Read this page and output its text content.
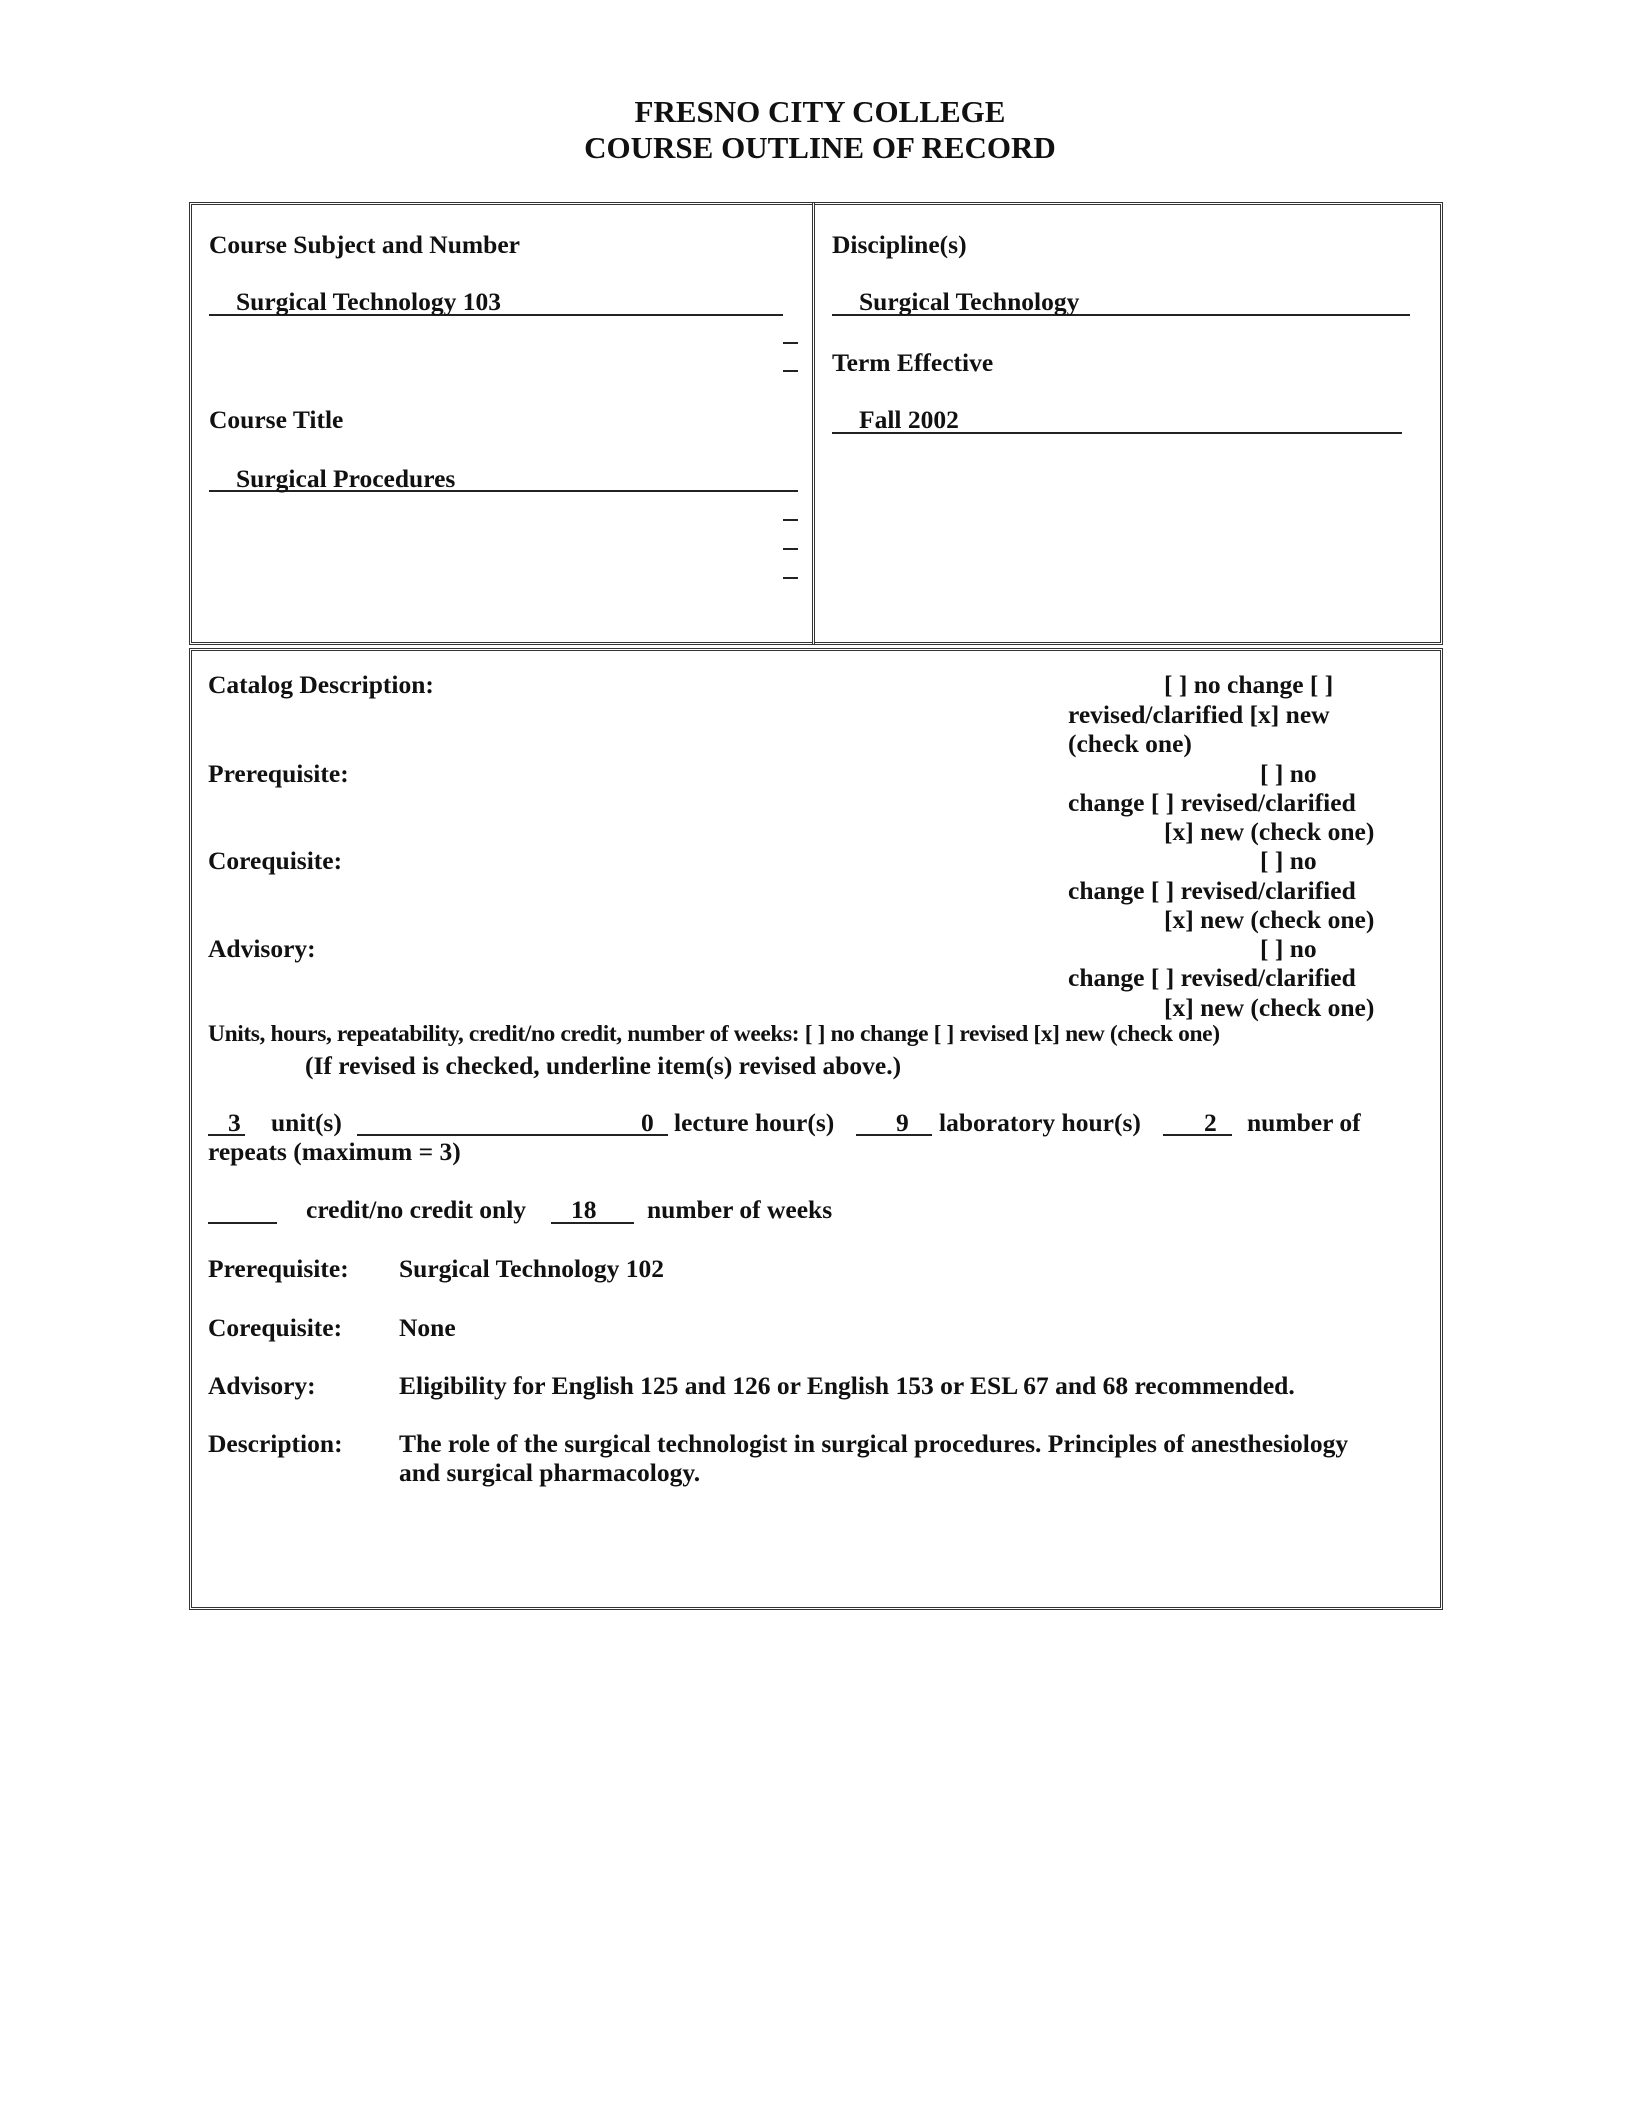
FRESNO CITY COLLEGE
COURSE OUTLINE OF RECORD
Course Subject and Number
Surgical Technology 103
Course Title
Surgical Procedures
Discipline(s)
Surgical Technology
Term Effective
Fall 2002
Catalog Description:	[ ] no change [ ]
revised/clarified [x] new
(check one)
Prerequisite:	[ ] no
change [ ] revised/clarified
[x] new (check one)
Corequisite:	[ ] no
change [ ] revised/clarified
[x] new (check one)
Advisory:	[ ] no
change [ ] revised/clarified
[x] new (check one)
Units, hours, repeatability, credit/no credit, number of weeks: [ ] no change [ ] revised [x] new (check one)
(If revised is checked, underline item(s) revised above.)
3 unit(s)	0 lecture hour(s) 9 laboratory hour(s) 2 number of
repeats (maximum = 3)
credit/no credit only 18 number of weeks
Prerequisite: Surgical Technology 102
Corequisite: None
Advisory:	Eligibility for English 125 and 126 or English 153 or ESL 67 and 68 recommended.
Description: The role of the surgical technologist in surgical procedures. Principles of anesthesiology
and surgical pharmacology.
